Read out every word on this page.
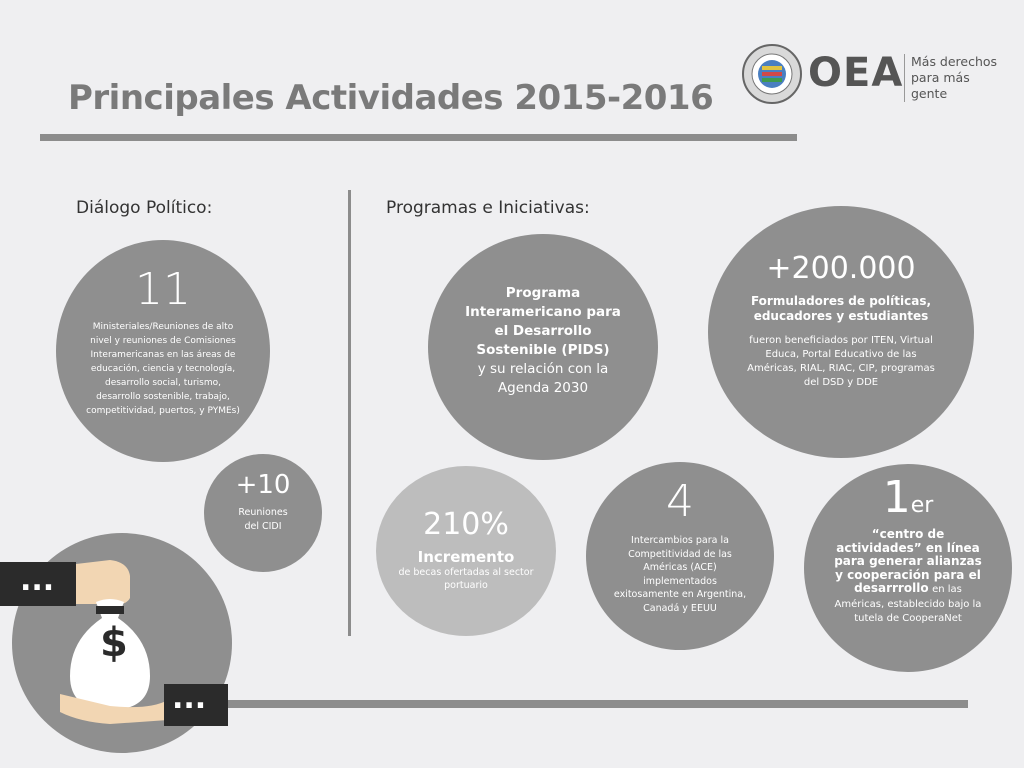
Principales Actividades 2015-2016
OEA Más derechos
para más gente
Diálogo Político:	Programas e Iniciativas:
11
Ministeriales/Reuniones de alto nivel y reuniones de Comisiones Interamericanas en las áreas de educación, ciencia y tecnología, desarrollo social, turismo, desarrollo sostenible, trabajo, competitividad, puertos, y PYMEs)
+10
Reuniones del CIDI
Programa Interamericano para el Desarrollo Sostenible (PIDS)
y su relación con la Agenda 2030
+200.000
Formuladores de políticas, educadores y estudiantes
fueron beneficiados por ITEN, Virtual Educa, Portal Educativo de las Américas, RIAL, RIAC, CIP, programas del DSD y DDE
210%
Incremento
de becas ofertadas al sector portuario
4
Intercambios para la Competitividad de las Américas (ACE) implementados exitosamente en Argentina, Canadá y EEUU
1er
“centro de actividades” en línea para generar alianzas y cooperación para el desarrrollo en las Américas, establecido bajo la tutela de CooperaNet
$
...
...
